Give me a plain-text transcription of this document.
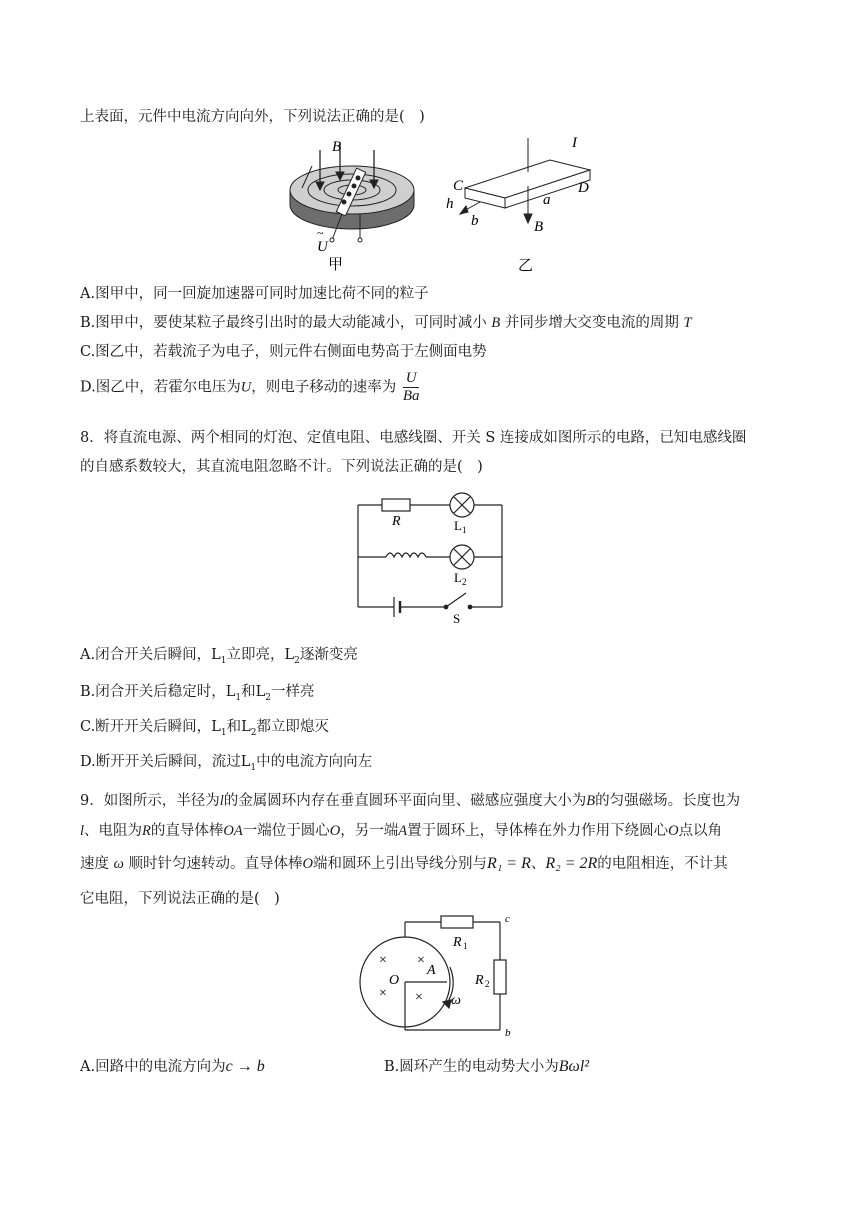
上表面，元件中电流方向向外，下列说法正确的是(　)
B
U
~
甲
I
C	D
h
b
a
B
乙
A.图甲中，同一回旋加速器可同时加速比荷不同的粒子
B.图甲中，要使某粒子最终引出时的最大动能减小，可同时减小 B 并同步增大交变电流的周期 T
C.图乙中，若载流子为电子，则元件右侧面电势高于左侧面电势
D.图乙中，若霍尔电压为U，则电子移动的速率为 $\frac{U}{Ba}$
8．将直流电源、两个相同的灯泡、定值电阻、电感线圈、开关 S 连接成如图所示的电路，已知电感线圈
的自感系数较大，其直流电阻忽略不计。下列说法正确的是(　)
R	L 1
L 2
S
A.闭合开关后瞬间，$L_1$立即亮，$L_2$逐渐变亮
B.闭合开关后稳定时，$L_1$和$L_2$一样亮
C.断开开关后瞬间，$L_1$和$L_2$都立即熄灭
D.断开开关后瞬间，流过$L_1$中的电流方向向左
9．如图所示，半径为l的金属圆环内存在垂直圆环平面向里、磁感应强度大小为B的匀强磁场。长度也为
l、电阻为R的直导体棒OA一端位于圆心O，另一端A置于圆环上，导体棒在外力作用下绕圆心O点以角
速度 ω 顺时针匀速转动。直导体棒O端和圆环上引出导线分别与R₁ = R、R₂ = 2R的电阻相连，不计其
它电阻，下列说法正确的是(　)
× ×
× ×
O
A
ω
R 1
R 2
c
b
A.回路中的电流方向为c → b	B.圆环产生的电动势大小为Bωl²
